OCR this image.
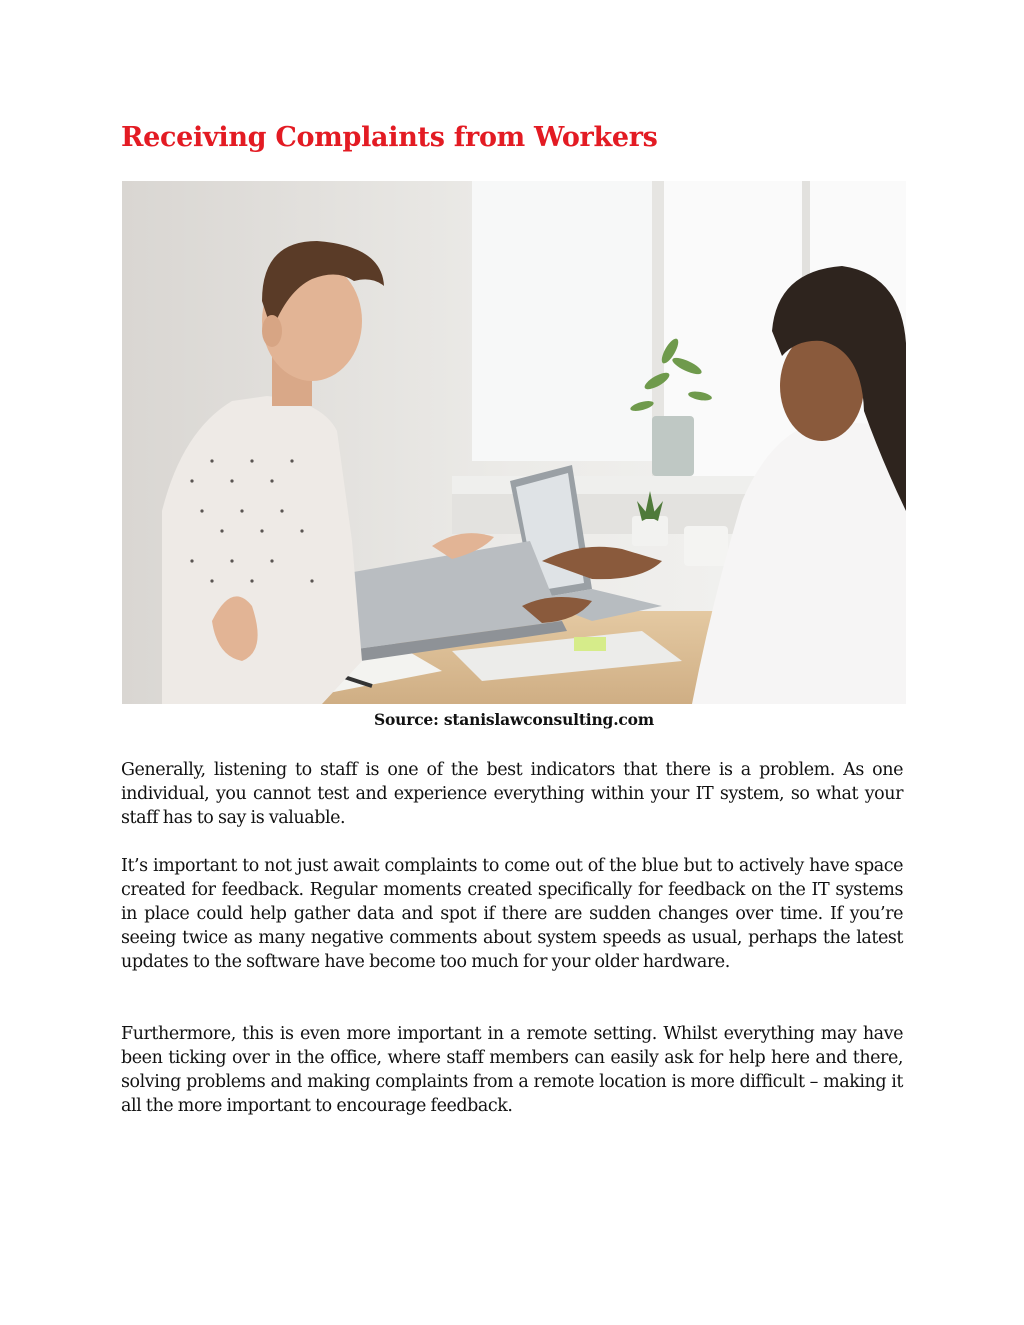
Receiving Complaints from Workers
Source: stanislawconsulting.com

Generally, listening to staff is one of the best indicators that there is a problem. As one individual, you cannot test and experience everything within your IT system, so what your staff has to say is valuable.

It’s important to not just await complaints to come out of the blue but to actively have space created for feedback. Regular moments created specifically for feedback on the IT systems in place could help gather data and spot if there are sudden changes over time. If you’re seeing twice as many negative comments about system speeds as usual, perhaps the latest updates to the software have become too much for your older hardware.

Furthermore, this is even more important in a remote setting. Whilst everything may have been ticking over in the office, where staff members can easily ask for help here and there, solving problems and making complaints from a remote location is more difficult – making it all the more important to encourage feedback.
